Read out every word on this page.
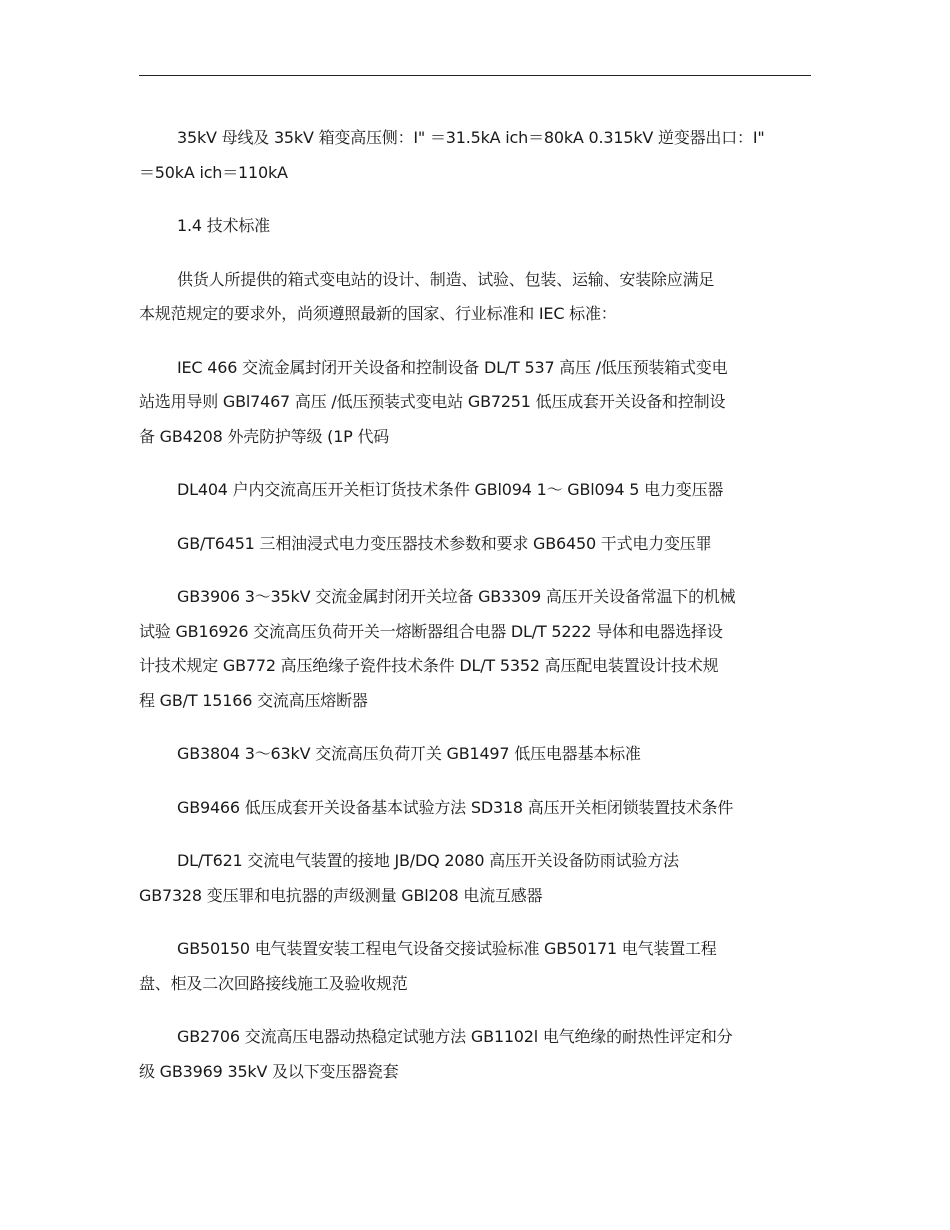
35kV 母线及 35kV 箱变高压侧：I" ＝31.5kA ich＝80kA 0.315kV 逆变器出口：I"
＝50kA ich＝110kA
1.4 技术标准
供货人所提供的箱式变电站的设计、制造、试验、包装、运输、安装除应满足
本规范规定的要求外，尚须遵照最新的国家、行业标准和 IEC 标准：
IEC 466 交流金属封闭开关设备和控制设备 DL/T 537 高压 /低压预装箱式变电
站选用导则 GBl7467 高压 /低压预装式变电站 GB7251 低压成套开关设备和控制设
备 GB4208 外壳防护等级 (1P 代码
DL404 户内交流高压开关柜订货技术条件 GBl094 1～ GBl094 5 电力变压器
GB/T6451 三相油浸式电力变压器技术参数和要求 GB6450 干式电力变压罪
GB3906 3～35kV 交流金属封闭开关垃备 GB3309 高压开关设备常温下的机械
试验 GB16926 交流高压负荷开关一熔断器组合电器 DL/T 5222 导体和电器选择设
计技术规定 GB772 高压绝缘子瓷件技术条件 DL/T 5352 高压配电装置设计技术规
程 GB/T 15166 交流高压熔断器
GB3804 3～63kV 交流高压负荷丌关 GB1497 低压电器基本标准
GB9466 低压成套开关设备基本试验方法 SD318 高压开关柜闭锁装置技术条件
DL/T621 交流电气装置的接地 JB/DQ 2080 高压开关设备防雨试验方法
GB7328 变压罪和电抗器的声级测量 GBl208 电流互感器
GB50150 电气装置安装工程电气设备交接试验标准 GB50171 电气装置工程
盘、柜及二次回路接线施工及验收规范
GB2706 交流高压电器动热稳定试驰方法 GB1102l 电气绝缘的耐热性评定和分
级 GB3969 35kV 及以下变压器瓷套
